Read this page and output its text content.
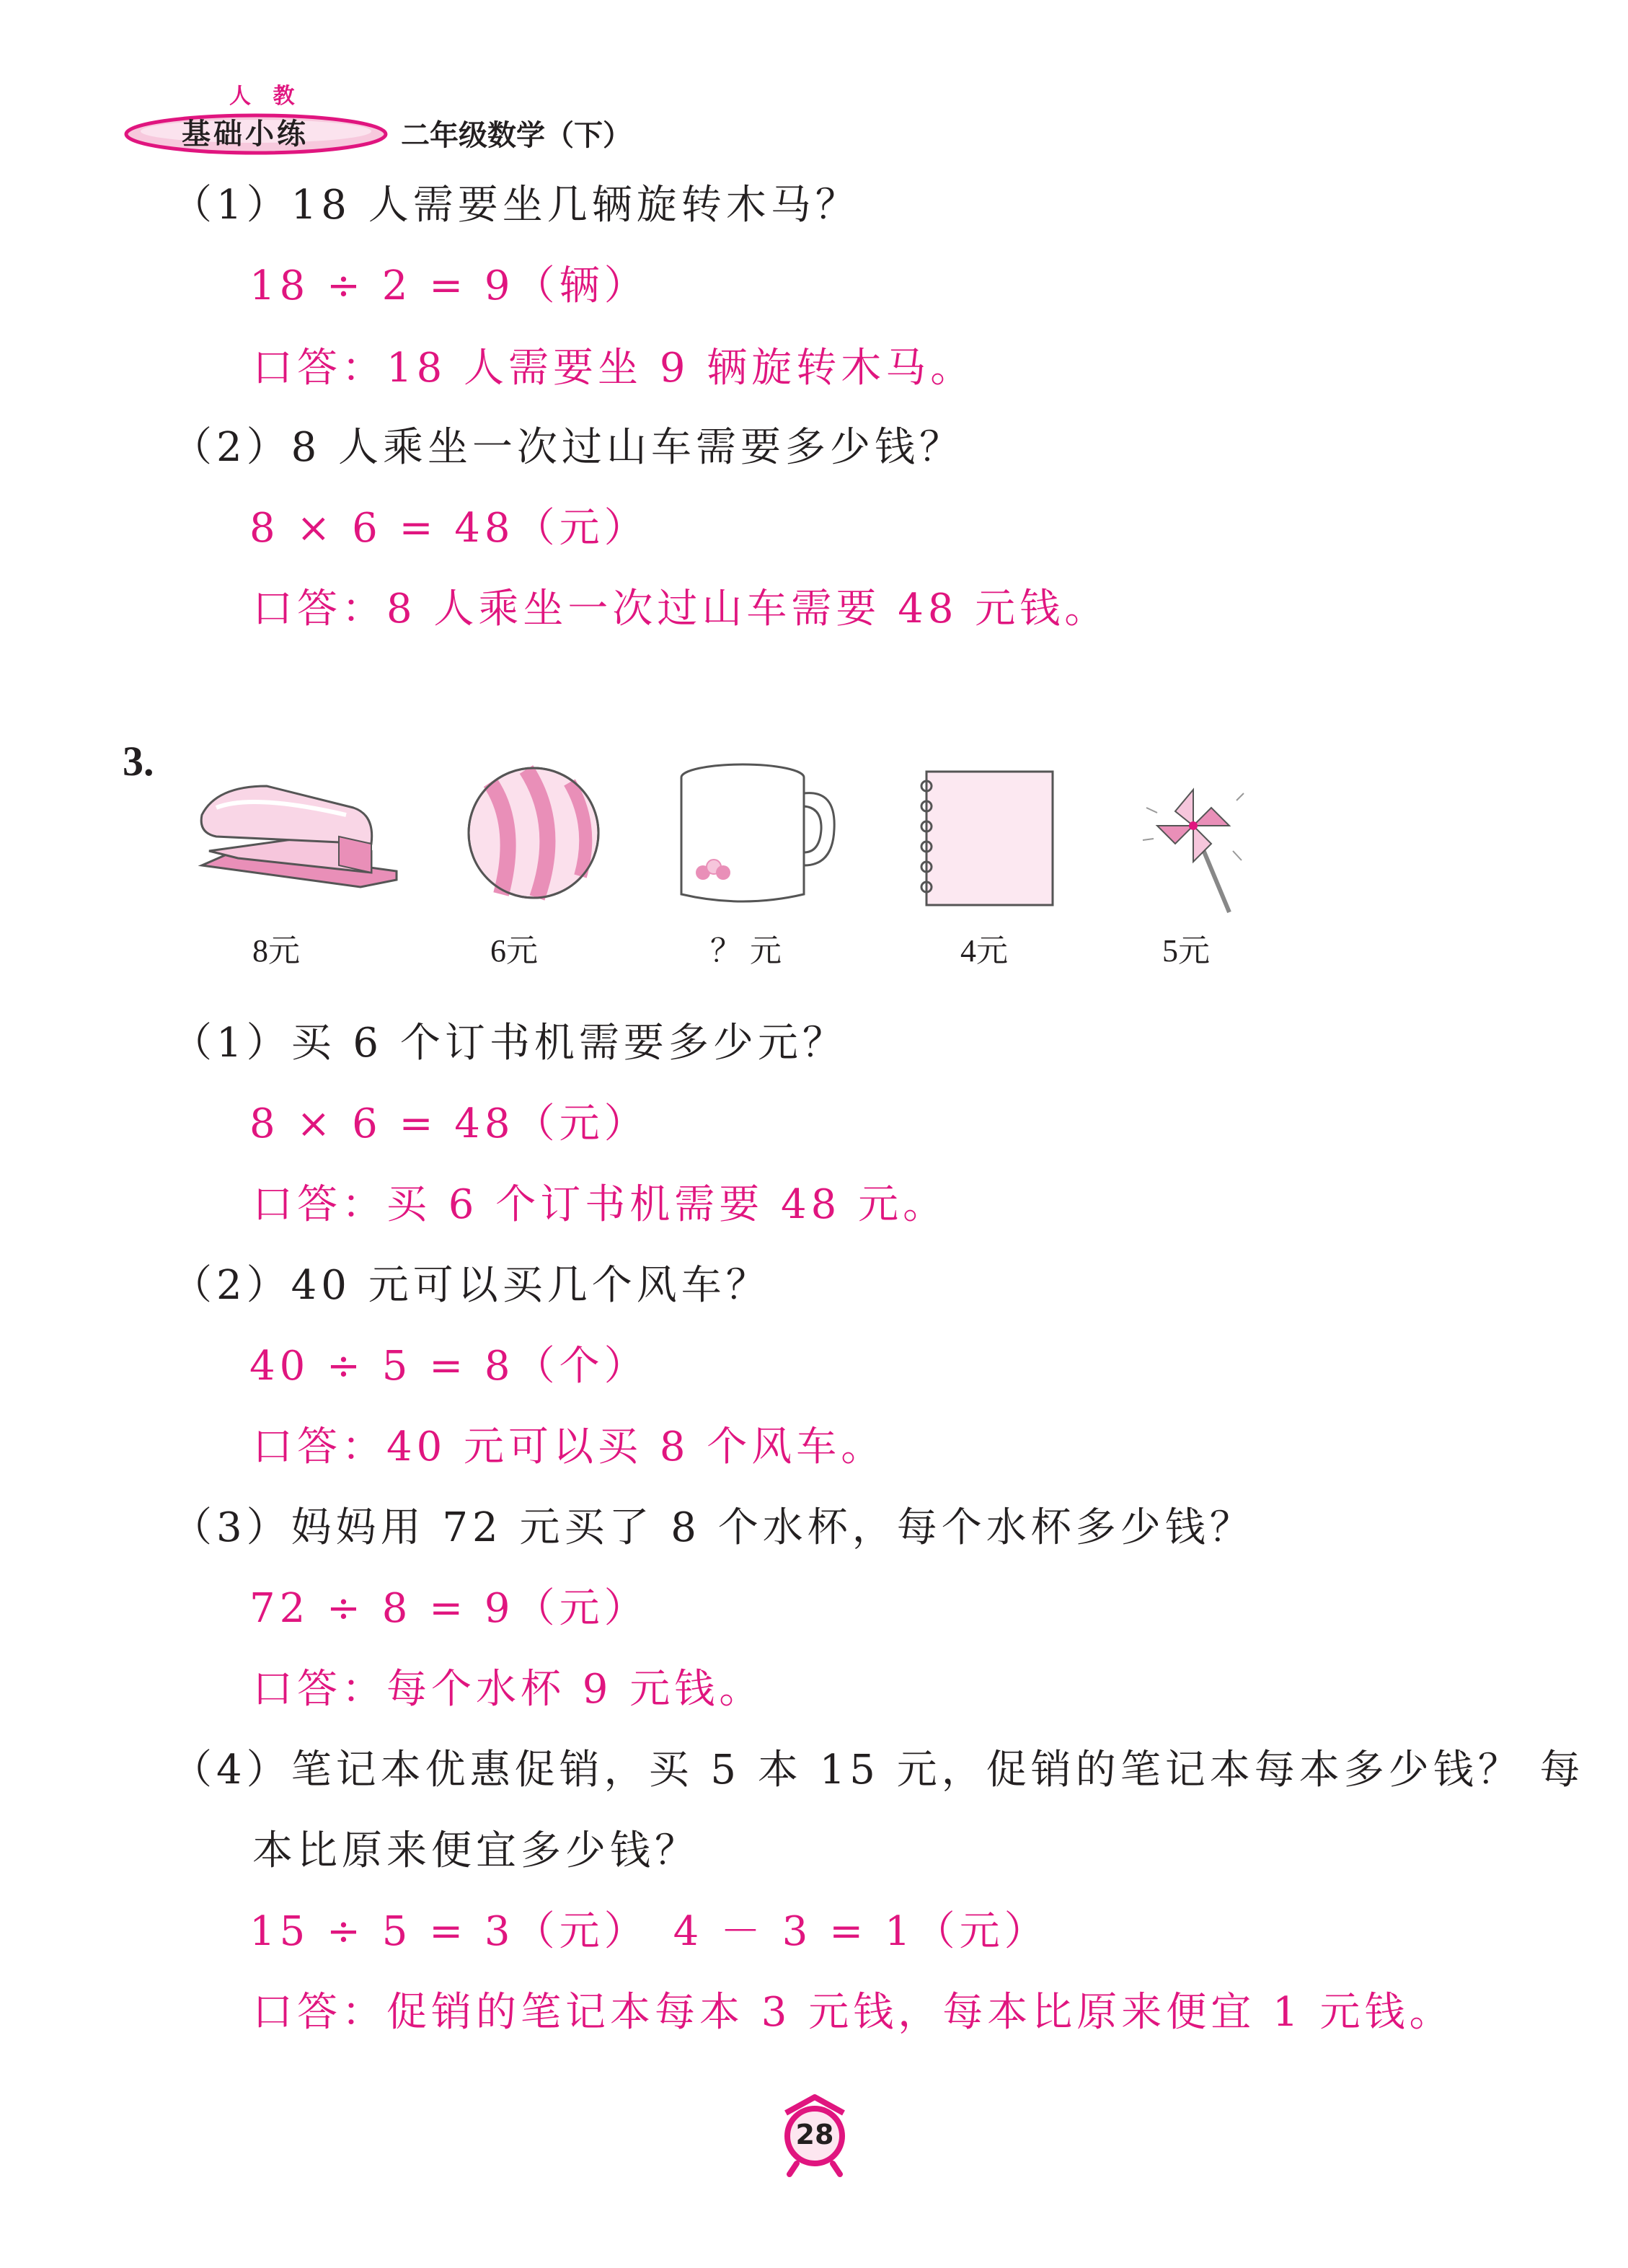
人 教
基础小练	二年级数学（下）
（1）18 人需要坐几辆旋转木马？
18 ÷ 2 = 9（辆）
口答：18 人需要坐 9 辆旋转木马。
（2）8 人乘坐一次过山车需要多少钱？
8 × 6 = 48（元）
口答：8 人乘坐一次过山车需要 48 元钱。
3.
8元	6元	？ 元	4元	5元
（1）买 6 个订书机需要多少元？
8 × 6 = 48（元）
口答：买 6 个订书机需要 48 元。
（2）40 元可以买几个风车？
40 ÷ 5 = 8（个）
口答：40 元可以买 8 个风车。
（3）妈妈用 72 元买了 8 个水杯，每个水杯多少钱？
72 ÷ 8 = 9（元）
口答：每个水杯 9 元钱。
（4）笔记本优惠促销，买 5 本 15 元，促销的笔记本每本多少钱？ 每
本比原来便宜多少钱？
15 ÷ 5 = 3（元）　4 － 3 = 1（元）
口答：促销的笔记本每本 3 元钱，每本比原来便宜 1 元钱。
28
